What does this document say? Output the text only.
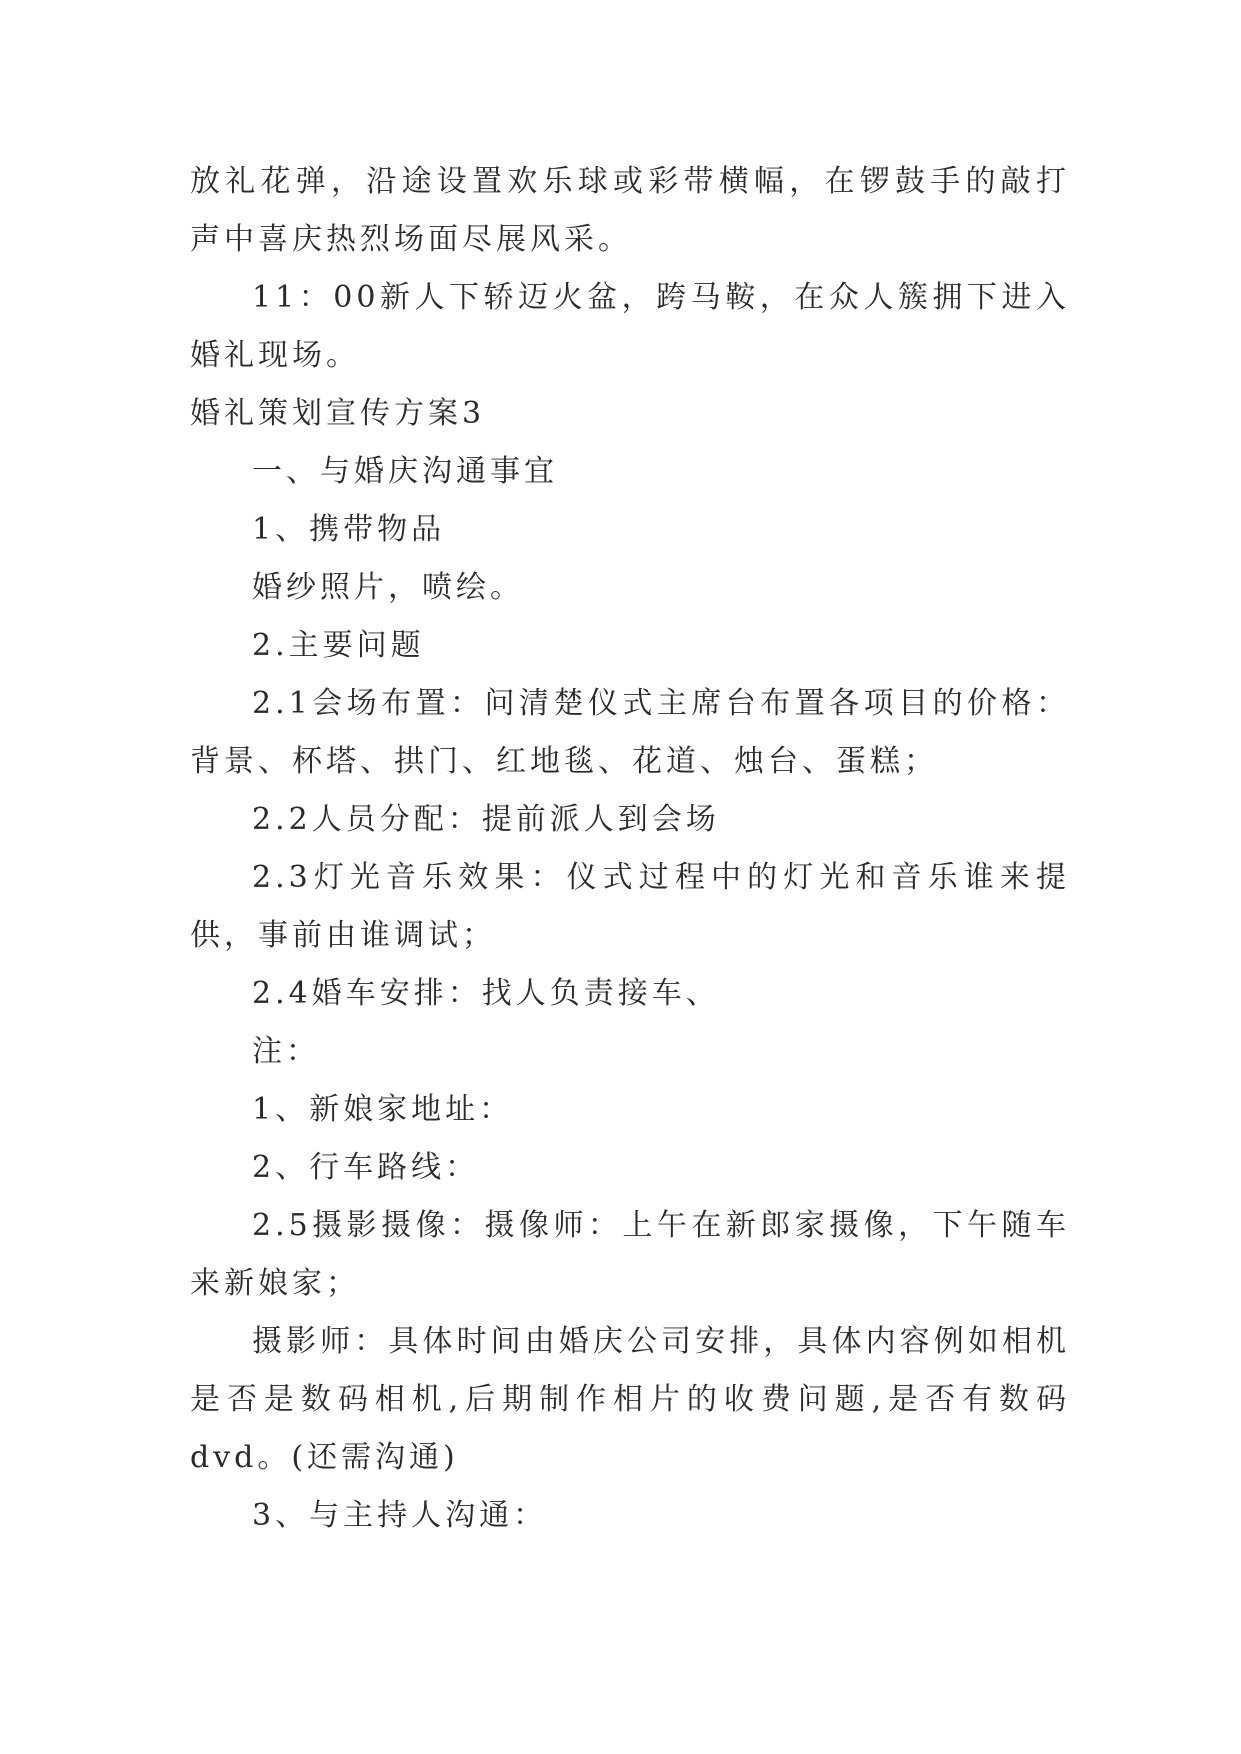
放礼花弹，沿途设置欢乐球或彩带横幅，在锣鼓手的敲打声中喜庆热烈场面尽展风采。

11：00新人下轿迈火盆，跨马鞍，在众人簇拥下进入婚礼现场。

婚礼策划宣传方案3

一、与婚庆沟通事宜

1、携带物品

婚纱照片，喷绘。

2.主要问题

2.1会场布置：问清楚仪式主席台布置各项目的价格：背景、杯塔、拱门、红地毯、花道、烛台、蛋糕；

2.2人员分配：提前派人到会场

2.3灯光音乐效果：仪式过程中的灯光和音乐谁来提供，事前由谁调试；

2.4婚车安排：找人负责接车、

注：

1、新娘家地址：

2、行车路线：

2.5摄影摄像：摄像师：上午在新郎家摄像，下午随车来新娘家；

摄影师：具体时间由婚庆公司安排，具体内容例如相机是否是数码相机,后期制作相片的收费问题,是否有数码dvd。(还需沟通)

3、与主持人沟通：
